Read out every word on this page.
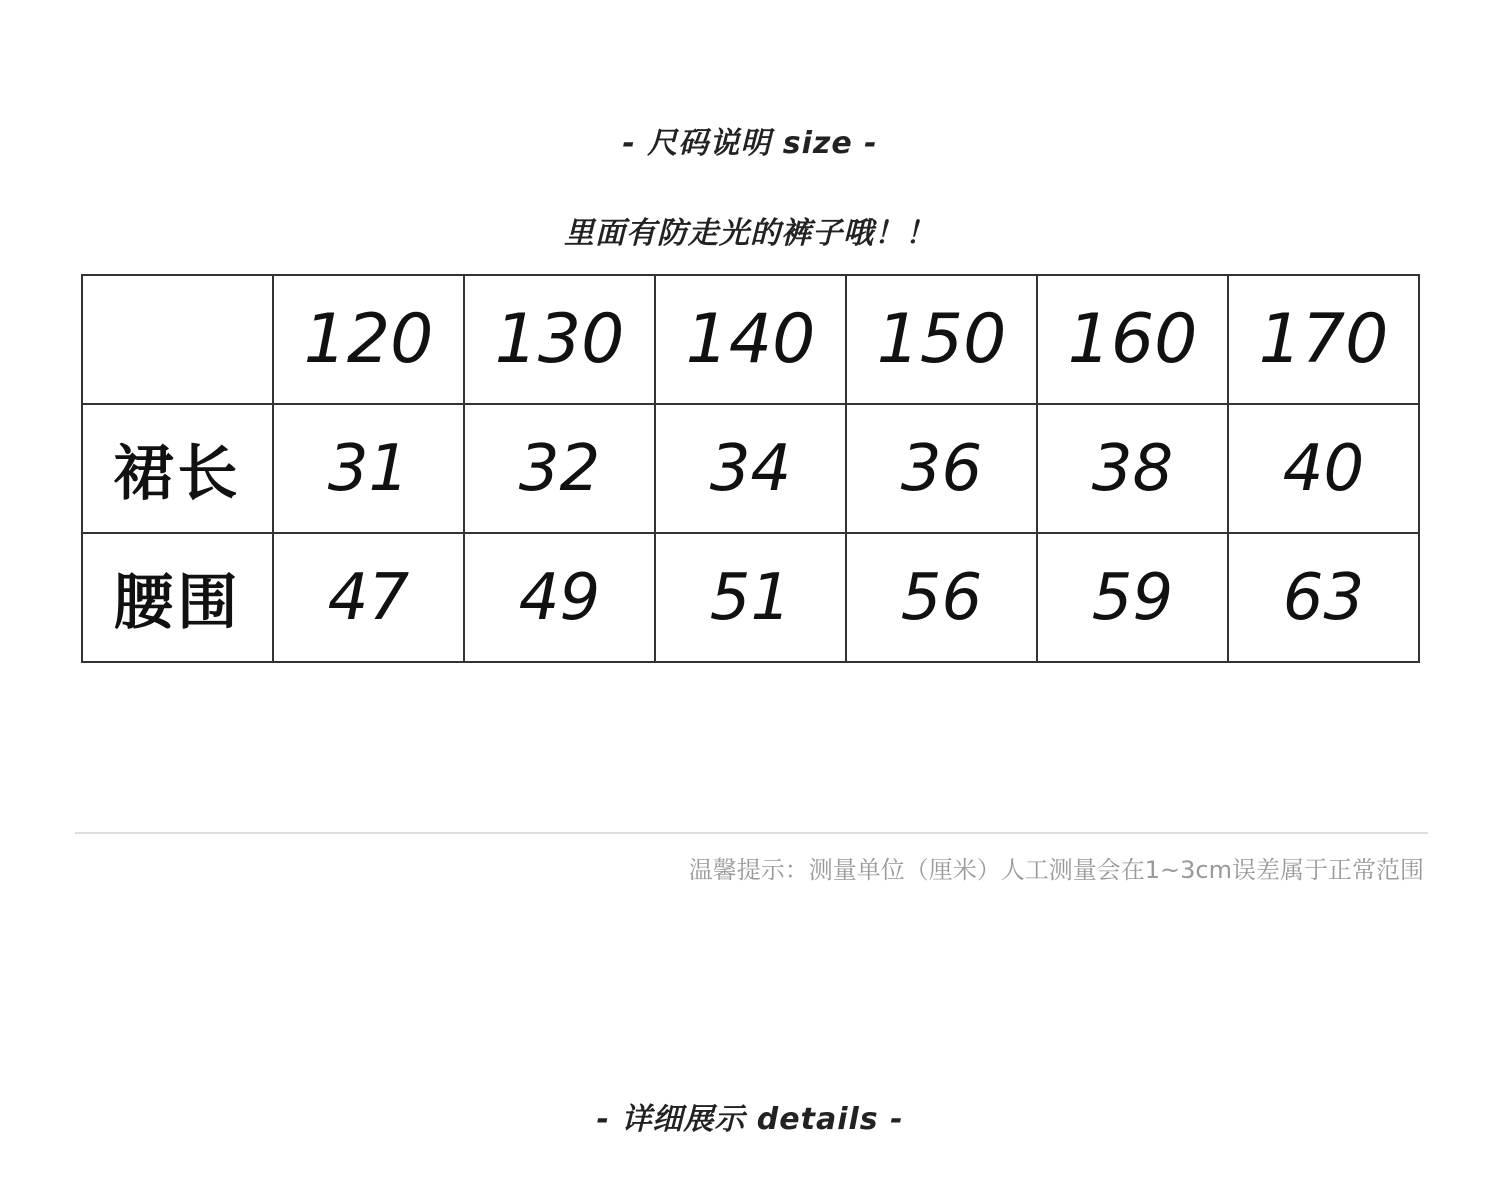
- 尺码说明 size -
里面有防走光的裤子哦！！
	120	130	140	150	160	170
裙长	31	32	34	36	38	40
腰围	47	49	51	56	59	63
温馨提示：测量单位（厘米）人工测量会在1~3cm误差属于正常范围
- 详细展示 details -
